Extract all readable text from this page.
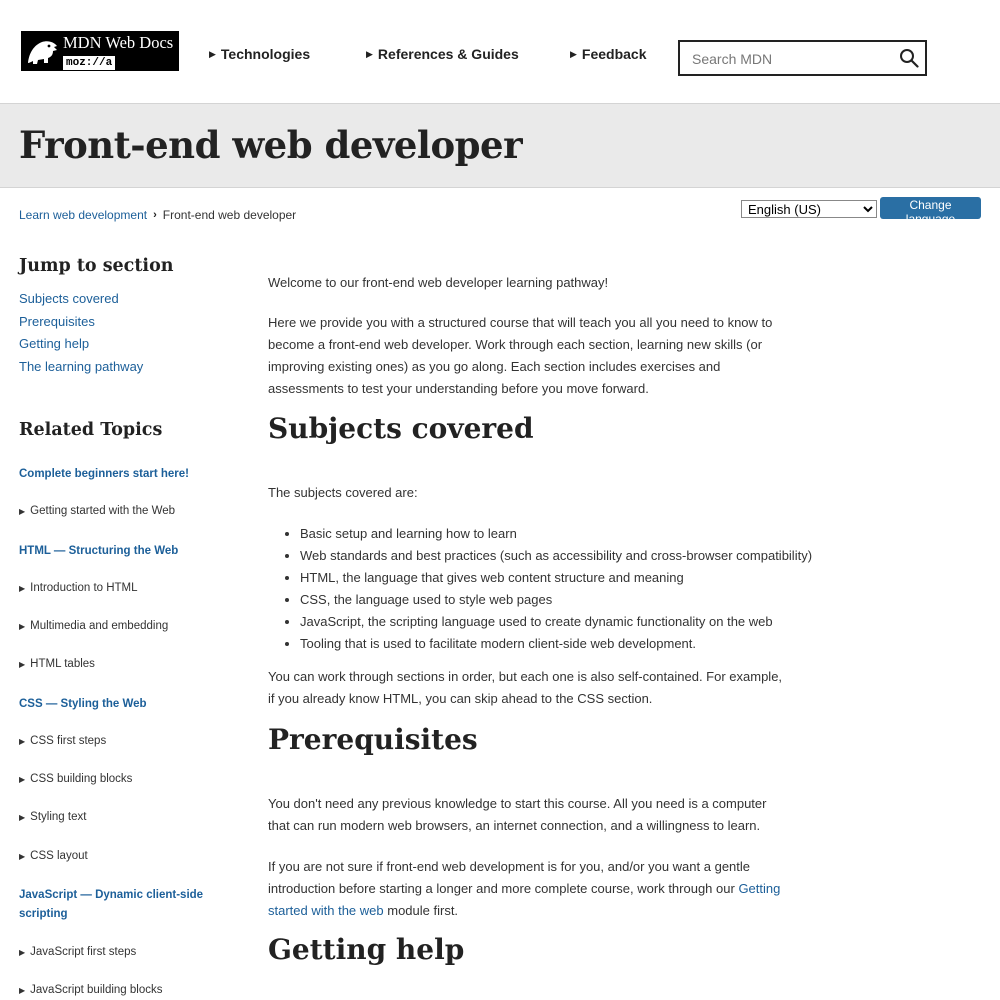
MDN Web Docs
moz://a
▶ Technologies	▶ References & Guides	▶ Feedback
Search MDN
Front-end web developer
Learn web development › Front-end web developer
English (US)
Change language
Jump to section
Subjects covered
Prerequisites
Getting help
The learning pathway
Related Topics
Complete beginners start here!
▶ Getting started with the Web
HTML — Structuring the Web
▶ Introduction to HTML
▶ Multimedia and embedding
▶ HTML tables
CSS — Styling the Web
▶ CSS first steps
▶ CSS building blocks
▶ Styling text
▶ CSS layout
JavaScript — Dynamic client-side scripting
▶ JavaScript first steps
▶ JavaScript building blocks

Welcome to our front-end web developer learning pathway!

Here we provide you with a structured course that will teach you all you need to know to become a front-end web developer. Work through each section, learning new skills (or improving existing ones) as you go along. Each section includes exercises and assessments to test your understanding before you move forward.

Subjects covered

The subjects covered are:

• Basic setup and learning how to learn
• Web standards and best practices (such as accessibility and cross-browser compatibility)
• HTML, the language that gives web content structure and meaning
• CSS, the language used to style web pages
• JavaScript, the scripting language used to create dynamic functionality on the web
• Tooling that is used to facilitate modern client-side web development.

You can work through sections in order, but each one is also self-contained. For example, if you already know HTML, you can skip ahead to the CSS section.

Prerequisites

You don't need any previous knowledge to start this course. All you need is a computer that can run modern web browsers, an internet connection, and a willingness to learn.

If you are not sure if front-end web development is for you, and/or you want a gentle introduction before starting a longer and more complete course, work through our Getting started with the web module first.

Getting help
